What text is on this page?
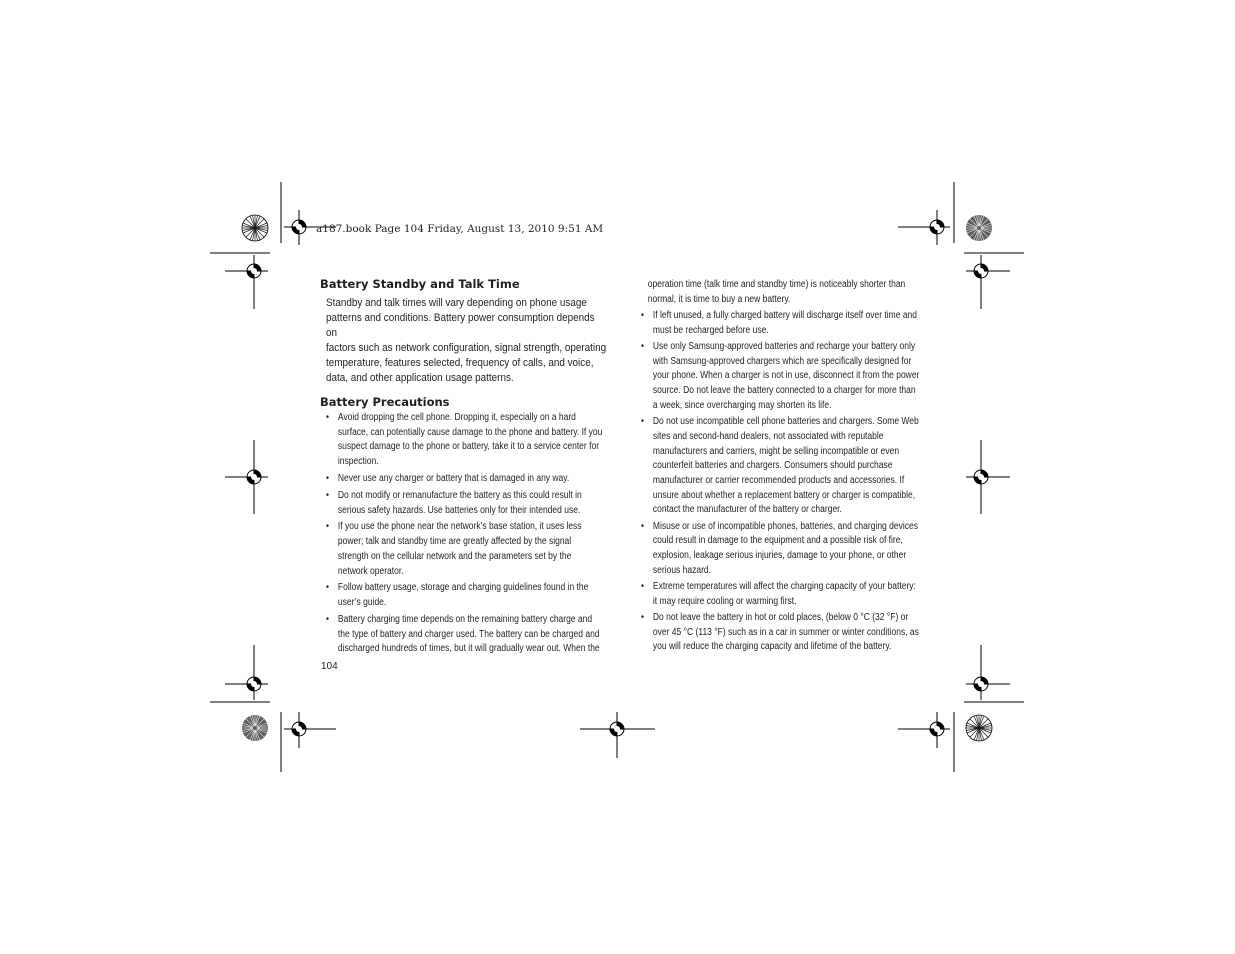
a187.book Page 104 Friday, August 13, 2010 9:51 AM
Battery Standby and Talk Time
Standby and talk times will vary depending on phone usage
patterns and conditions. Battery power consumption depends on
factors such as network configuration, signal strength, operating
temperature, features selected, frequency of calls, and voice,
data, and other application usage patterns.
Battery Precautions
• Avoid dropping the cell phone. Dropping it, especially on a hard
surface, can potentially cause damage to the phone and battery. If you
suspect damage to the phone or battery, take it to a service center for
inspection.
• Never use any charger or battery that is damaged in any way.
• Do not modify or remanufacture the battery as this could result in
serious safety hazards. Use batteries only for their intended use.
• If you use the phone near the network’s base station, it uses less
power; talk and standby time are greatly affected by the signal
strength on the cellular network and the parameters set by the
network operator.
• Follow battery usage, storage and charging guidelines found in the
user’s guide.
• Battery charging time depends on the remaining battery charge and
the type of battery and charger used. The battery can be charged and
discharged hundreds of times, but it will gradually wear out. When the
operation time (talk time and standby time) is noticeably shorter than
normal, it is time to buy a new battery.
• If left unused, a fully charged battery will discharge itself over time and
must be recharged before use.
• Use only Samsung-approved batteries and recharge your battery only
with Samsung-approved chargers which are specifically designed for
your phone. When a charger is not in use, disconnect it from the power
source. Do not leave the battery connected to a charger for more than
a week, since overcharging may shorten its life.
• Do not use incompatible cell phone batteries and chargers. Some Web
sites and second-hand dealers, not associated with reputable
manufacturers and carriers, might be selling incompatible or even
counterfeit batteries and chargers. Consumers should purchase
manufacturer or carrier recommended products and accessories. If
unsure about whether a replacement battery or charger is compatible,
contact the manufacturer of the battery or charger.
• Misuse or use of incompatible phones, batteries, and charging devices
could result in damage to the equipment and a possible risk of fire,
explosion, leakage serious injuries, damage to your phone, or other
serious hazard.
• Extreme temperatures will affect the charging capacity of your battery:
it may require cooling or warming first.
• Do not leave the battery in hot or cold places, (below 0 °C (32 °F) or
over 45 °C (113 °F) such as in a car in summer or winter conditions, as
you will reduce the charging capacity and lifetime of the battery.
104
